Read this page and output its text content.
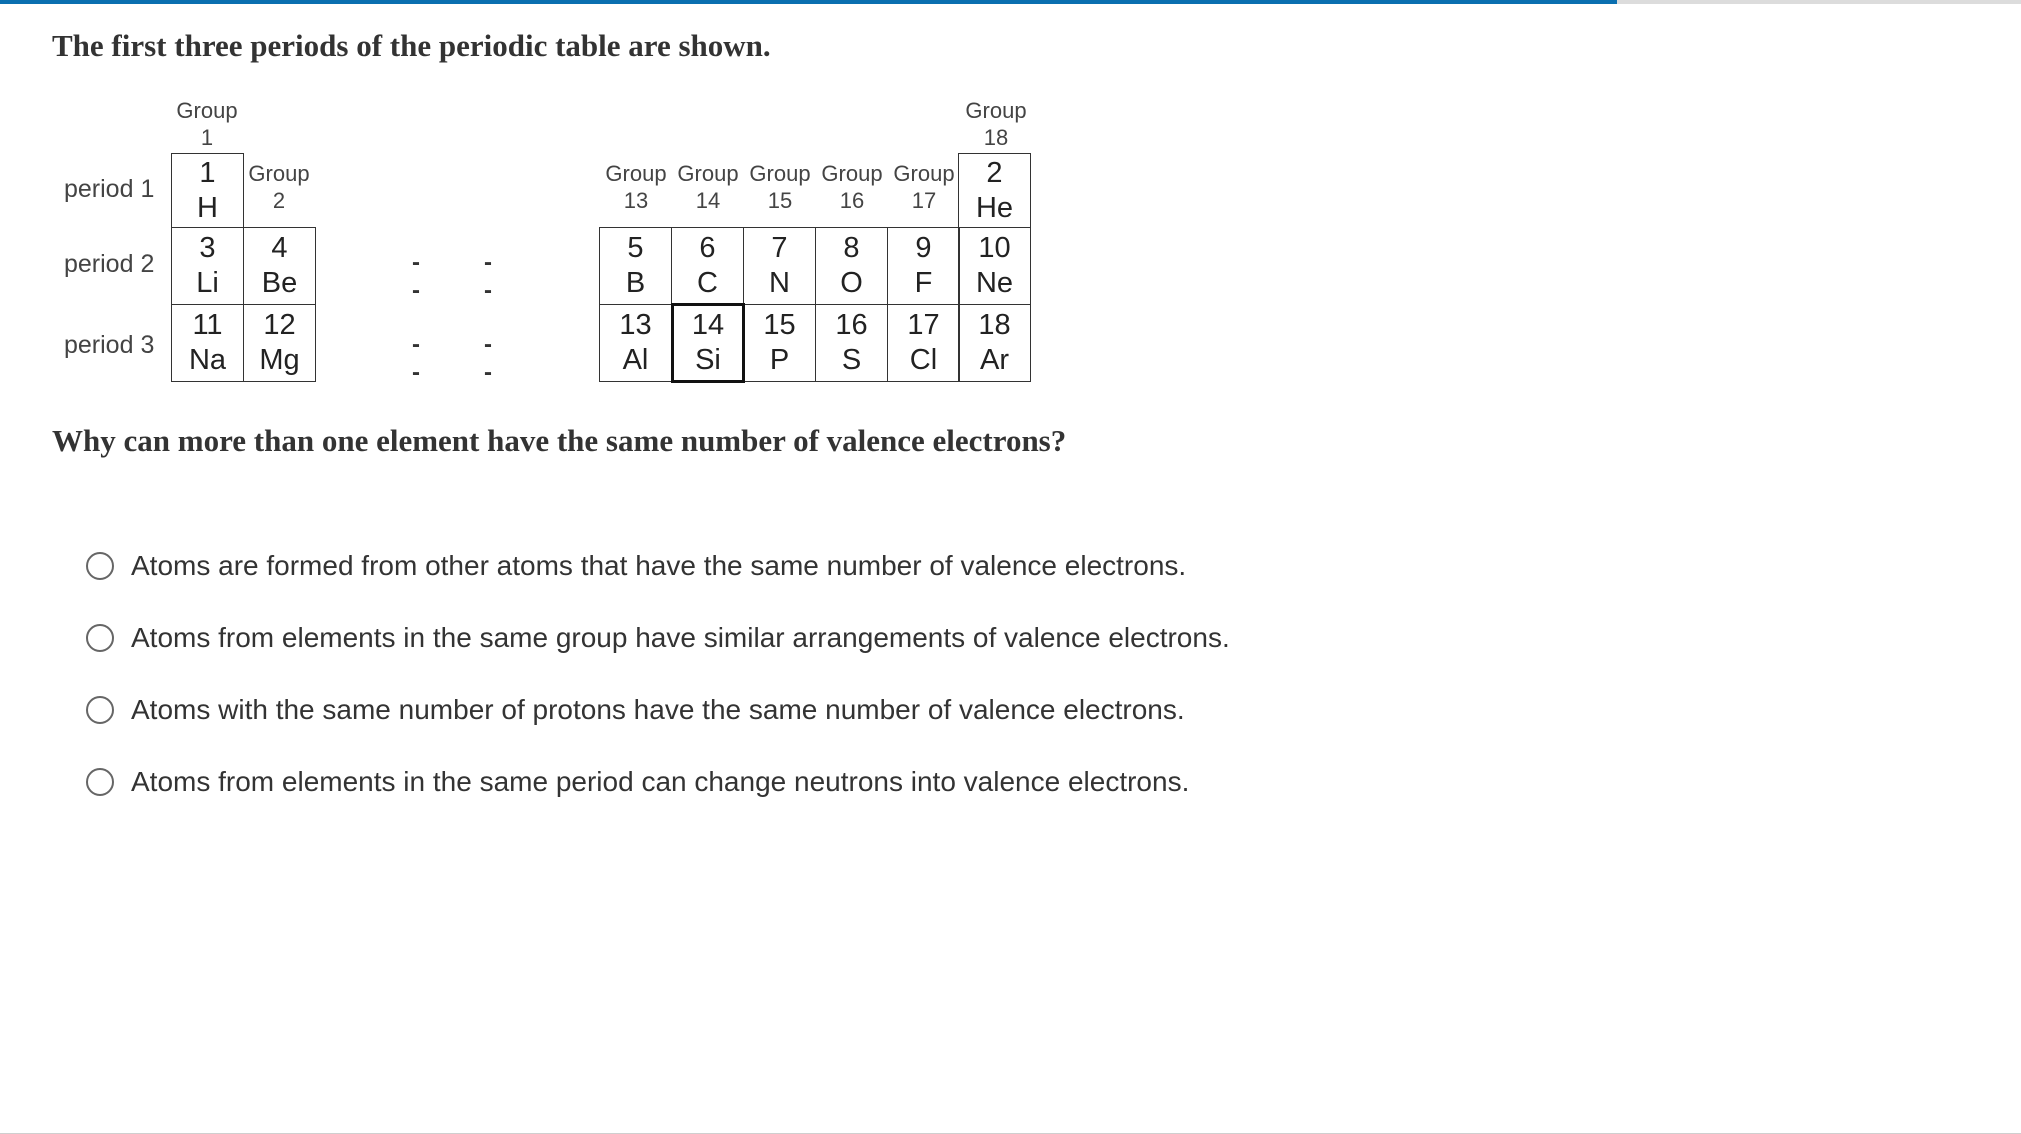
The first three periods of the periodic table are shown.
Group
1
Group
2
Group
13
Group
14
Group
15
Group
16
Group
17
Group
18
period 1
period 2
period 3
--
--
--
--
1
H
2
He
3
Li
4
Be
5
B
6
C
7
N
8
O
9
F
10
Ne
11
Na
12
Mg
13
Al
16
S
15
P
17
Cl
18
Ar
14
Si
Why can more than one element have the same number of valence electrons?
Atoms are formed from other atoms that have the same number of valence electrons.
Atoms from elements in the same group have similar arrangements of valence electrons.
Atoms with the same number of protons have the same number of valence electrons.
Atoms from elements in the same period can change neutrons into valence electrons.
